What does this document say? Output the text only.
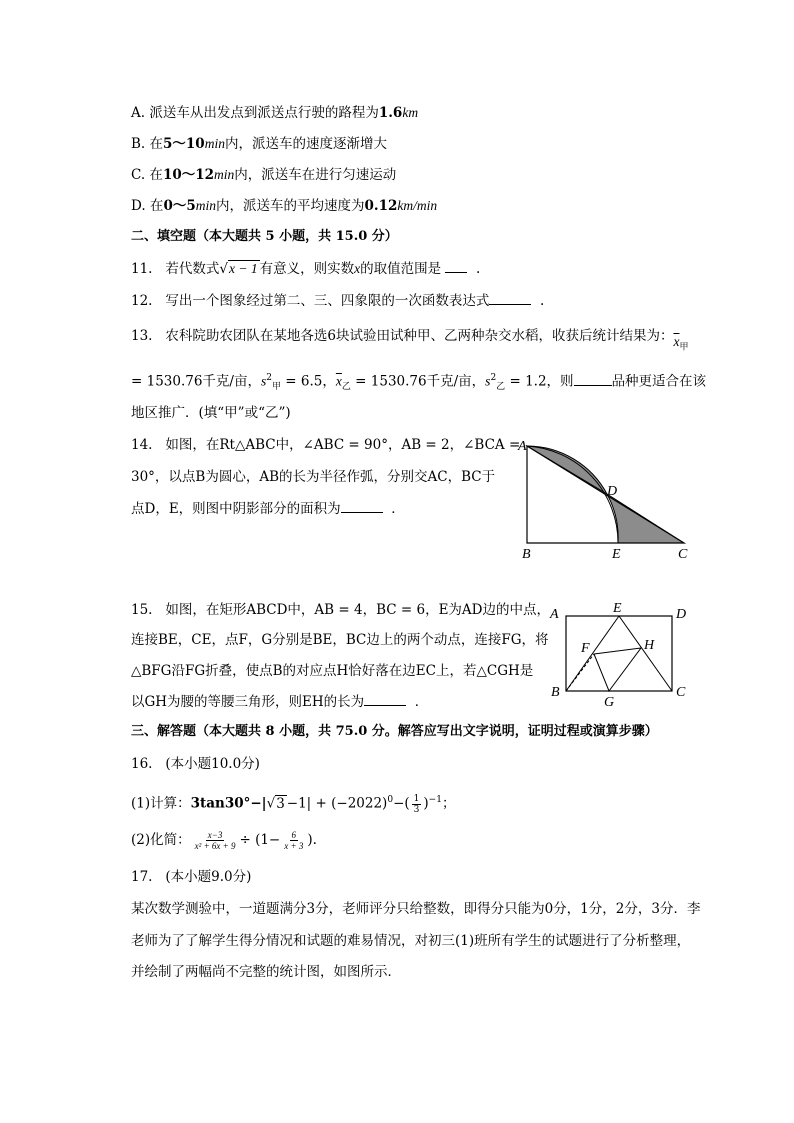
A. 派送车从出发点到派送点行驶的路程为1.6km
B. 在5～10min内，派送车的速度逐渐增大
C. 在10～12min内，派送车在进行匀速运动
D. 在0～5min内，派送车的平均速度为0.12km/min
二、填空题（本大题共 5 小题，共 15.0 分）
11. 若代数式√x − 1 有意义，则实数x的取值范围是	.
12. 写出一个图象经过第二、三、四象限的一次函数表达式	.
13. 农科院助农团队在某地各选6块试验田试种甲、乙两种杂交水稻，收获后统计结果为：$\overline{x}_甲$
= 1530.76千克/亩，$s^2_甲 = 6.5$，$\overline{x}_乙 = 1530.76$千克/亩，$s^2_乙 = 1.2$，则	品种更适合在该
地区推广．(填“甲”或“乙”)
14. 如图，在Rt△ABC中，∠ABC = 90°，AB = 2，∠BCA =
30°，以点B为圆心，AB的长为半径作弧，分别交AC，BC于
点D，E，则图中阴影部分的面积为	．
A
B	C
D
E
15. 如图，在矩形ABCD中，AB = 4，BC = 6，E为AD边的中点，
连接BE，CE，点F，G分别是BE，BC边上的两个动点，连接FG，将
△BFG沿FG折叠，使点B的对应点H恰好落在边EC上，若△CGH是
以GH为腰的等腰三角形，则EH的长为	．
A	D
E
F	H
B
G
C
三、解答题（本大题共 8 小题，共 75.0 分。解答应写出文字说明，证明过程或演算步骤）
16. (本小题10.0分)
(1)计算：$3\tan 30^\circ-|√3 -1| + (-2022)^0-( \frac{1}{3} )^{-1}$；
(2)化简： $\frac{x-3}{\text{x² + 6x + 9}} \div (1- \frac{6}{x + 3}$ ).
17. (本小题9.0分)
某次数学测验中，一道题满分3分，老师评分只给整数，即得分只能为0分，1分，2分，3分．李
老师为了了解学生得分情况和试题的难易情况，对初三(1)班所有学生的试题进行了分析整理，
并绘制了两幅尚不完整的统计图，如图所示．
